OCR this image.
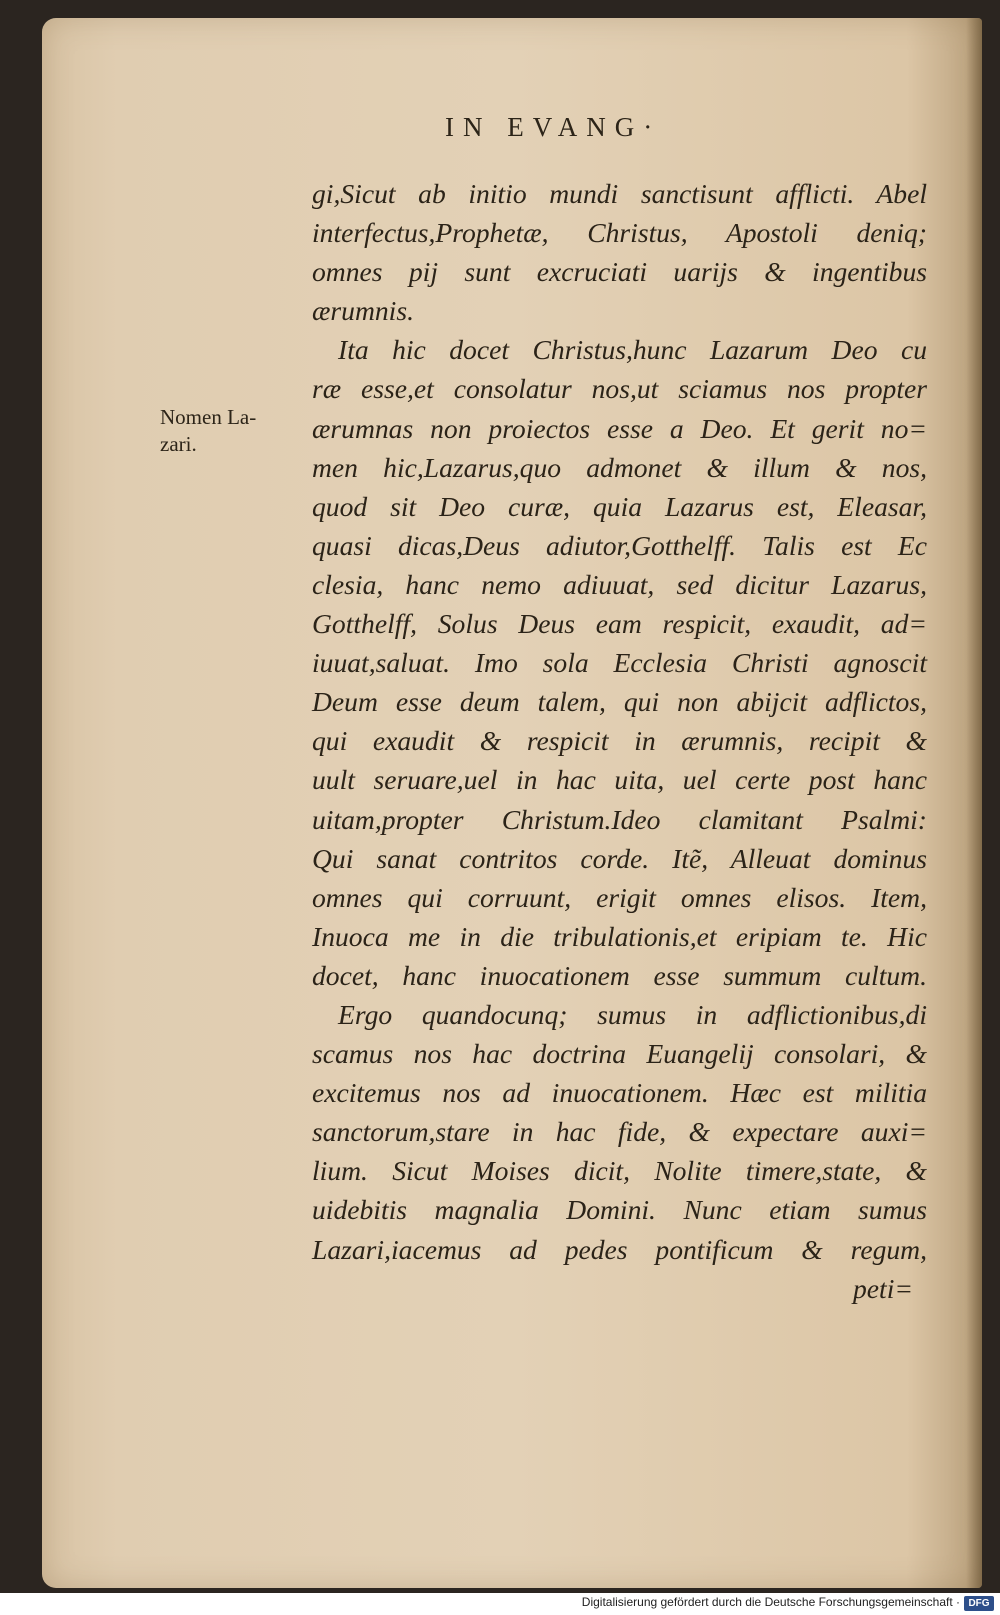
IN EVANG·
Nomen La-
zari.
gi,Sicut ab initio mundi sanctisunt afflicti. Abel
interfectus,Prophetæ, Christus, Apostoli deniq;
omnes pij sunt excruciati uarijs & ingentibus
ærumnis.
Ita hic docet Christus,hunc Lazarum Deo cu
ræ esse,et consolatur nos,ut sciamus nos propter
ærumnas non proiectos esse a Deo. Et gerit no=
men hic,Lazarus,quo admonet & illum & nos,
quod sit Deo curæ, quia Lazarus est, Eleasar,
quasi dicas,Deus adiutor,Gotthelff. Talis est Ec
clesia, hanc nemo adiuuat, sed dicitur Lazarus,
Gotthelff, Solus Deus eam respicit, exaudit, ad=
iuuat,saluat. Imo sola Ecclesia Christi agnoscit
Deum esse deum talem, qui non abijcit adflictos,
qui exaudit & respicit in ærumnis, recipit &
uult seruare,uel in hac uita, uel certe post hanc
uitam,propter Christum.Ideo clamitant Psalmi:
Qui sanat contritos corde. Itẽ, Alleuat dominus
omnes qui corruunt, erigit omnes elisos. Item,
Inuoca me in die tribulationis,et eripiam te. Hic
docet, hanc inuocationem esse summum cultum.
Ergo quandocunq; sumus in adflictionibus,di
scamus nos hac doctrina Euangelij consolari, &
excitemus nos ad inuocationem. Hæc est militia
sanctorum,stare in hac fide, & expectare auxi=
lium. Sicut Moises dicit, Nolite timere,state, &
uidebitis magnalia Domini. Nunc etiam sumus
Lazari,iacemus ad pedes pontificum & regum,
peti=
Digitalisierung gefördert durch die Deutsche Forschungsgemeinschaft · DFG
